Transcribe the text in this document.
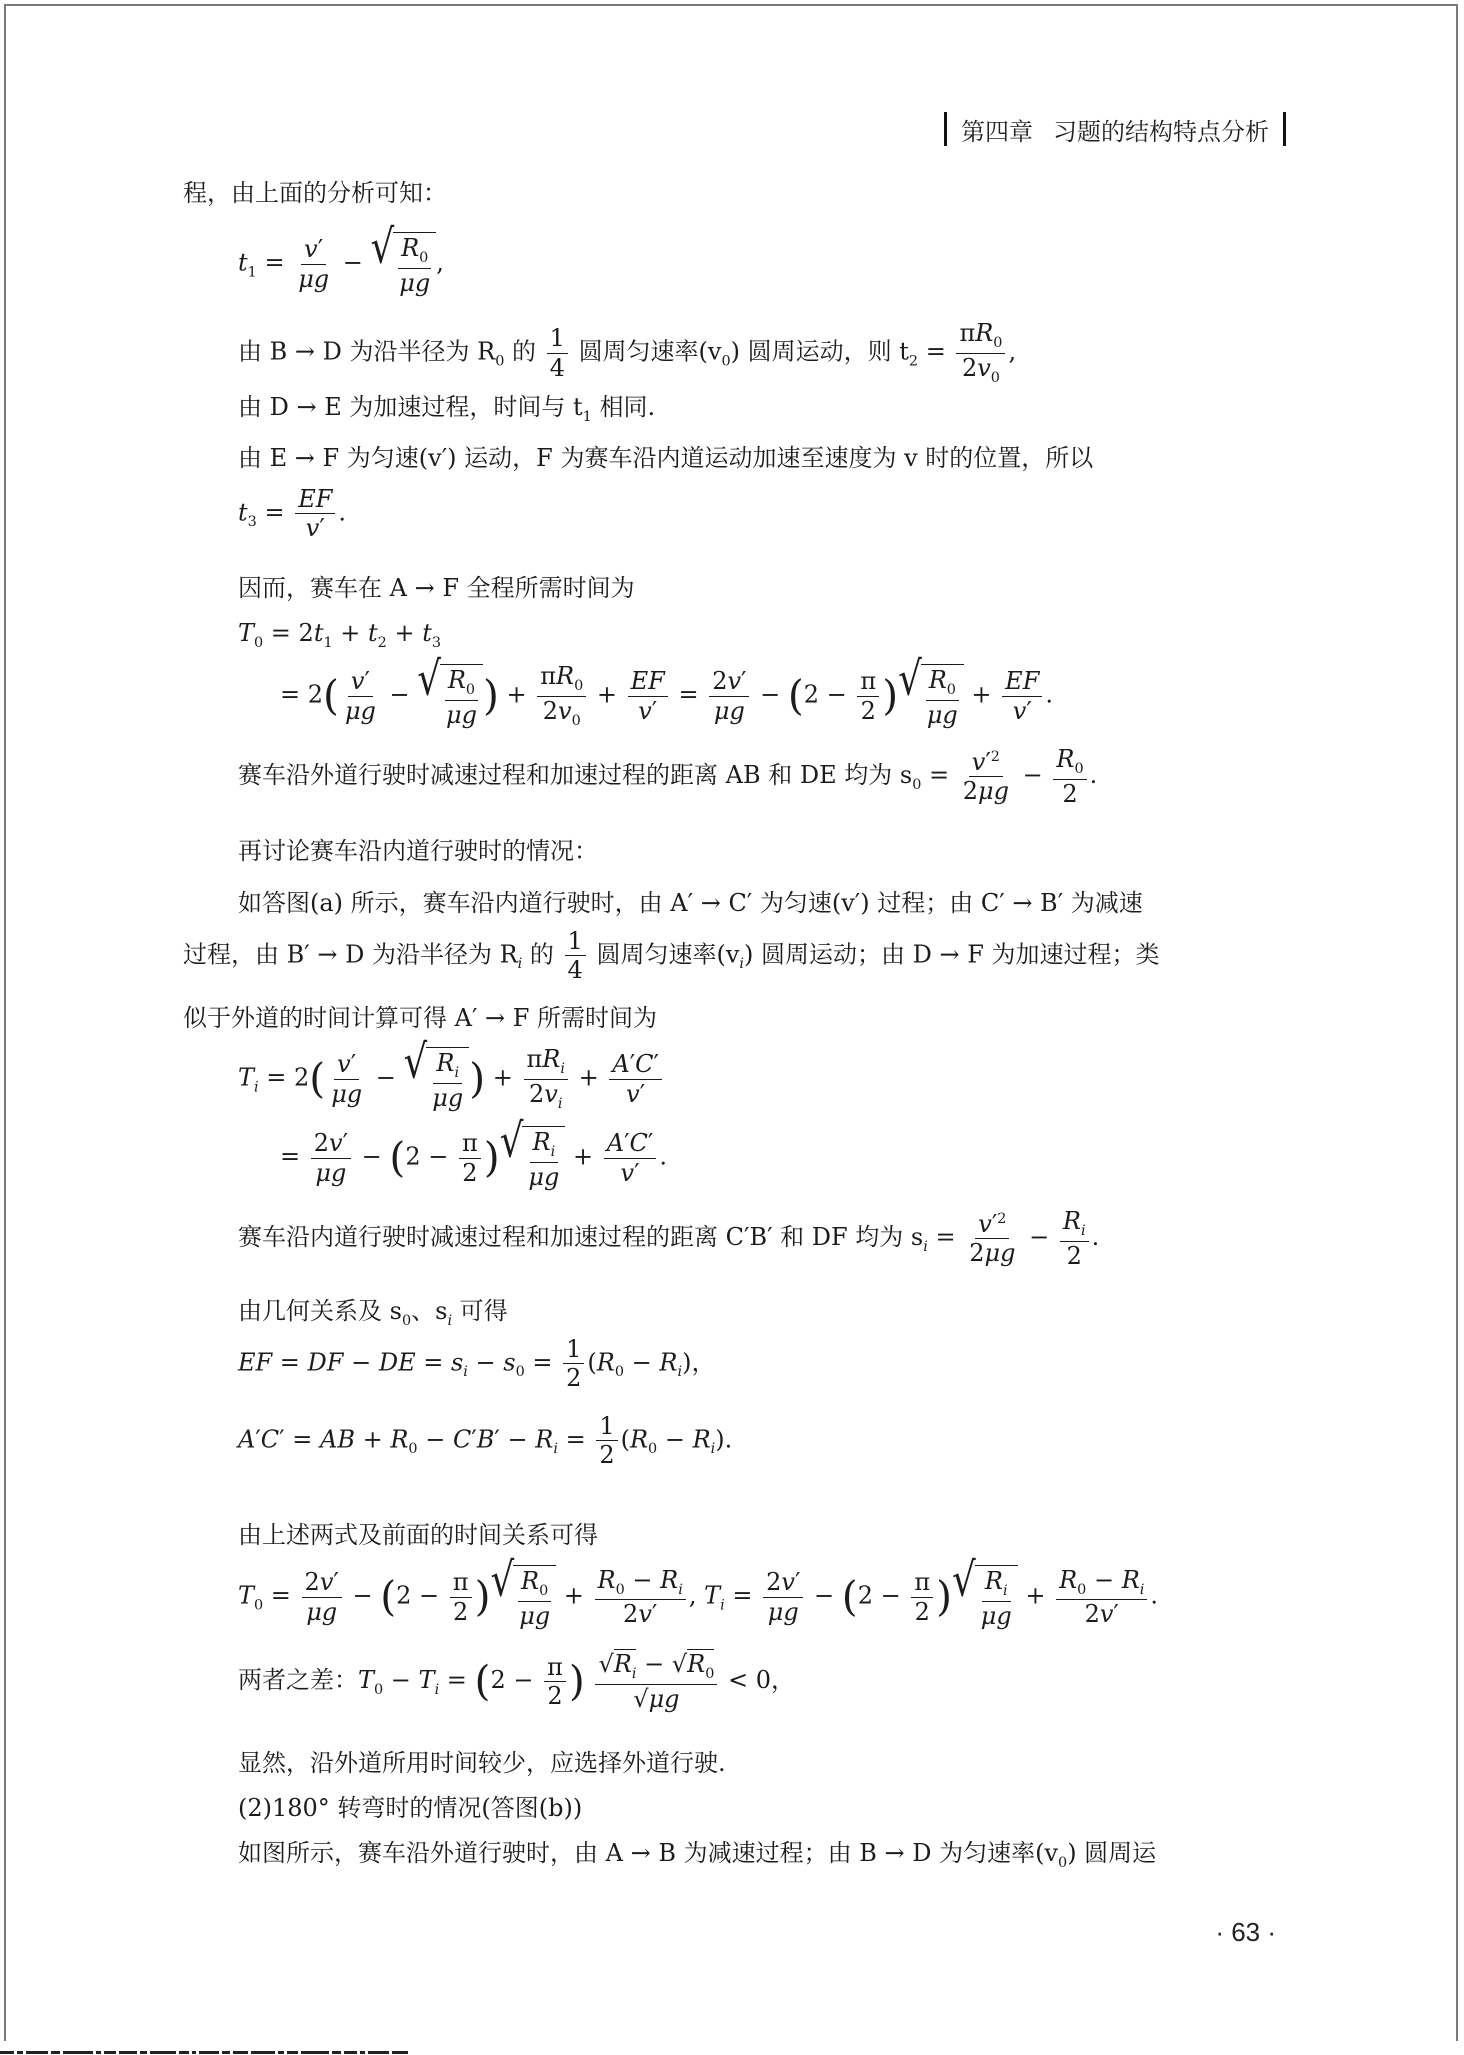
第四章 习题的结构特点分析
程，由上面的分析可知：
$t_1 = \frac{v'}{\mu g}$ − √ $\frac{R_0}{\mu g}$ ,
由 B → D 为沿半径为 $R_0$ 的 $\frac{1}{4}$ 圆周匀速率$(v_0)$ 圆周运动，则 $t_2 = \frac{\pi R_0}{2v_0}$ ,
由 D → E 为加速过程，时间与 $t_1$ 相同.
由 E → F 为匀速(v′) 运动，F 为赛车沿内道运动加速至速度为 v 时的位置，所以
$t_3 = \frac{EF}{v'}$ .
因而，赛车在 A → F 全程所需时间为
$T_0 = 2t_1 + t_2 + t_3$
= $2( \frac{v'}{\mu g}$ − √ $\frac{R_0}{\mu g}$ ) + $\frac{\pi R_0}{2v_0} + \frac{EF}{v'} = \frac{2v'}{\mu g} - (2 - \frac{\pi}{2}$ ) √ $\frac{R_0}{\mu g} + \frac{EF}{v'}$ .
赛车沿外道行驶时减速过程和加速过程的距离 AB 和 DE 均为 $s_0 = \frac{v'^2}{2\mu g} - \frac{R_0}{2}$ .
再讨论赛车沿内道行驶时的情况：
如答图(a) 所示，赛车沿内道行驶时，由 A′ → C′ 为匀速(v′) 过程；由 C′ → B′ 为减速
过程，由 B′ → D 为沿半径为 $R_i$ 的 $\frac{1}{4}$ 圆周匀速率$(v_i)$ 圆周运动；由 D → F 为加速过程；类
似于外道的时间计算可得 A′ → F 所需时间为
$T_i = 2( \frac{v'}{\mu g}$ − √ $\frac{R_i}{\mu g}$ ) + $\frac{\pi R_i}{2v_i} + \frac{A'C'}{v'}$
= $\frac{2v'}{\mu g} - (2 - \frac{\pi}{2}$ ) √ $\frac{R_i}{\mu g} + \frac{A'C'}{v'}$ .
赛车沿内道行驶时减速过程和加速过程的距离 C′B′ 和 DF 均为 $s_i = \frac{v'^2}{2\mu g} - \frac{R_i}{2}$ .
由几何关系及 $s_0$、$s_i$ 可得
EF = DF − DE = $s_i - s_0 = \frac{1}{2} (R_0 - R_i)$，
A′C′ = AB + $R_0 - C'B' - R_i = \frac{1}{2} (R_0 - R_i)$.
由上述两式及前面的时间关系可得
$T_0 = \frac{2v'}{\mu g} - (2 - \frac{\pi}{2}$ ) √ $\frac{R_0}{\mu g} + \frac{R_0 - R_i}{2v'}$ , $T_i = \frac{2v'}{\mu g} - (2 - \frac{\pi}{2}$ ) √ $\frac{R_i}{\mu g} + \frac{R_0 - R_i}{2v'}$ .
两者之差：$T_0 - T_i = (2 - \frac{\pi}{2}$ ) $\frac{√R_i - √R_0}{√\mu g} < 0$，
显然，沿外道所用时间较少，应选择外道行驶.
(2)180° 转弯时的情况(答图(b))
如图所示，赛车沿外道行驶时，由 A → B 为减速过程；由 B → D 为匀速率$(v_0)$ 圆周运
· 63 ·
